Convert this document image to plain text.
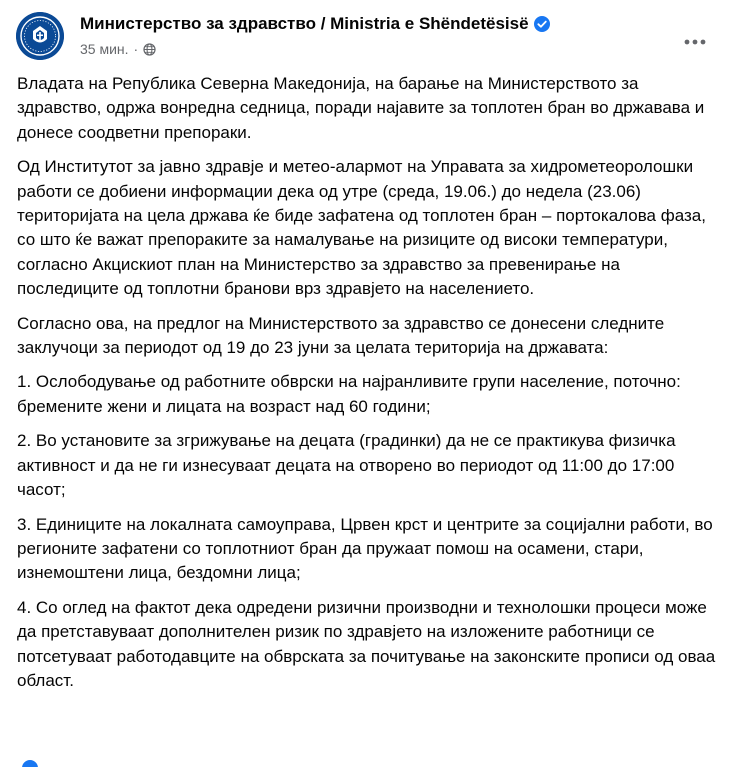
Министерство за здравство / Ministria e Shëndetësisë
35 мин. ·

Владата на Република Северна Македонија, на барање на Министерството за здравство, одржа вонредна седница, поради најавите за топлотен бран во државава и донесе соодветни препораки.

Од Институтот за јавно здравје и метео-алармот на Управата за хидрометеоролошки работи се добиени информации дека од утре (среда, 19.06.) до недела (23.06) територијата на цела држава ќе биде зафатена од топлотен бран – портокалова фаза, со што ќе важат препораките за намалување на ризиците од високи температури, согласно Акцискиот план на Министерство за здравство за превенирање на последиците од топлотни бранови врз здравјето на населението.

Согласно ова, на предлог на Министерството за здравство се донесени следните заклучоци за периодот од 19 до 23 јуни за целата територија на државата:

1. Ослободување од работните обврски на најранливите групи население, поточно: бремените жени и лицата на возраст над 60 години;

2. Во установите за згрижување на децата (градинки) да не се практикува физичка активност и да не ги изнесуваат децата на отворено во периодот од 11:00 до 17:00 часот;

3. Единиците на локалната самоуправа, Црвен крст и центрите за социјални работи, во регионите зафатени со топлотниот бран да пружаат помош на осамени, стари, изнемоштени лица, бездомни лица;

4. Со оглед на фактот дека одредени ризични производни и технолошки процеси може да претставуваат дополнителен ризик по здравјето на изложените работници се потсетуваат работодавците на обврската за почитување на законските прописи од оваа област.
